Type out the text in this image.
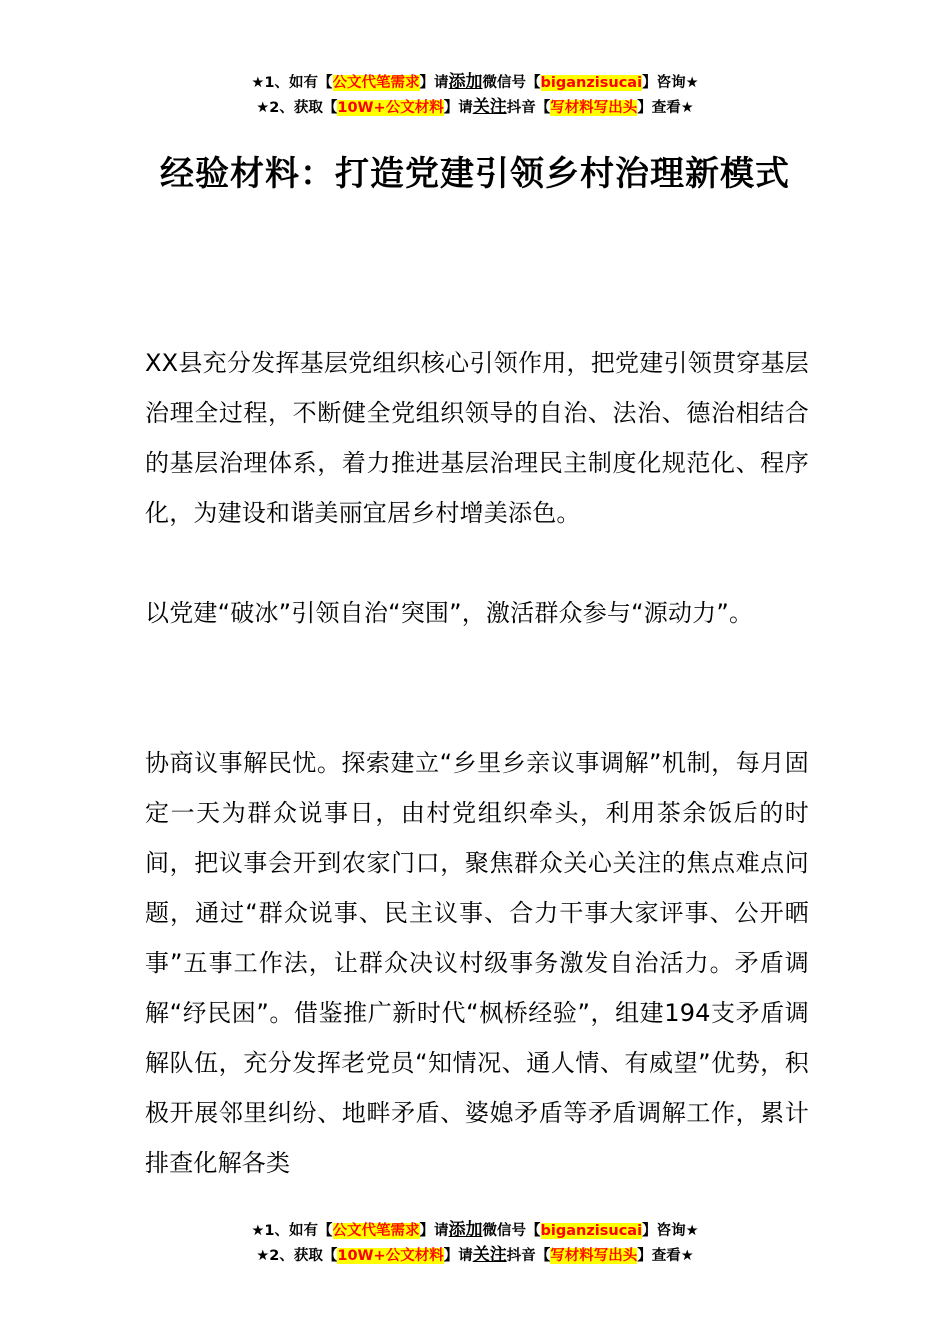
★1、如有【公文代笔需求】请添加微信号【biganzisucai】咨询★
★2、获取【10W+公文材料】请关注抖音【写材料写出头】查看★
经验材料：打造党建引领乡村治理新模式

XX县充分发挥基层党组织核心引领作用，把党建引领贯穿基层治理全过程，不断健全党组织领导的自治、法治、德治相结合的基层治理体系，着力推进基层治理民主制度化规范化、程序化，为建设和谐美丽宜居乡村增美添色。

以党建“破冰”引领自治“突围”，激活群众参与“源动力”。

协商议事解民忧。探索建立“乡里乡亲议事调解”机制，每月固定一天为群众说事日，由村党组织牵头，利用茶余饭后的时间，把议事会开到农家门口，聚焦群众关心关注的焦点难点问题，通过“群众说事、民主议事、合力干事大家评事、公开晒事”五事工作法，让群众决议村级事务激发自治活力。矛盾调解“纾民困”。借鉴推广新时代“枫桥经验”，组建194支矛盾调解队伍，充分发挥老党员“知情况、通人情、有威望”优势，积极开展邻里纠纷、地畔矛盾、婆媳矛盾等矛盾调解工作，累计排查化解各类

★1、如有【公文代笔需求】请添加微信号【biganzisucai】咨询★
★2、获取【10W+公文材料】请关注抖音【写材料写出头】查看★
